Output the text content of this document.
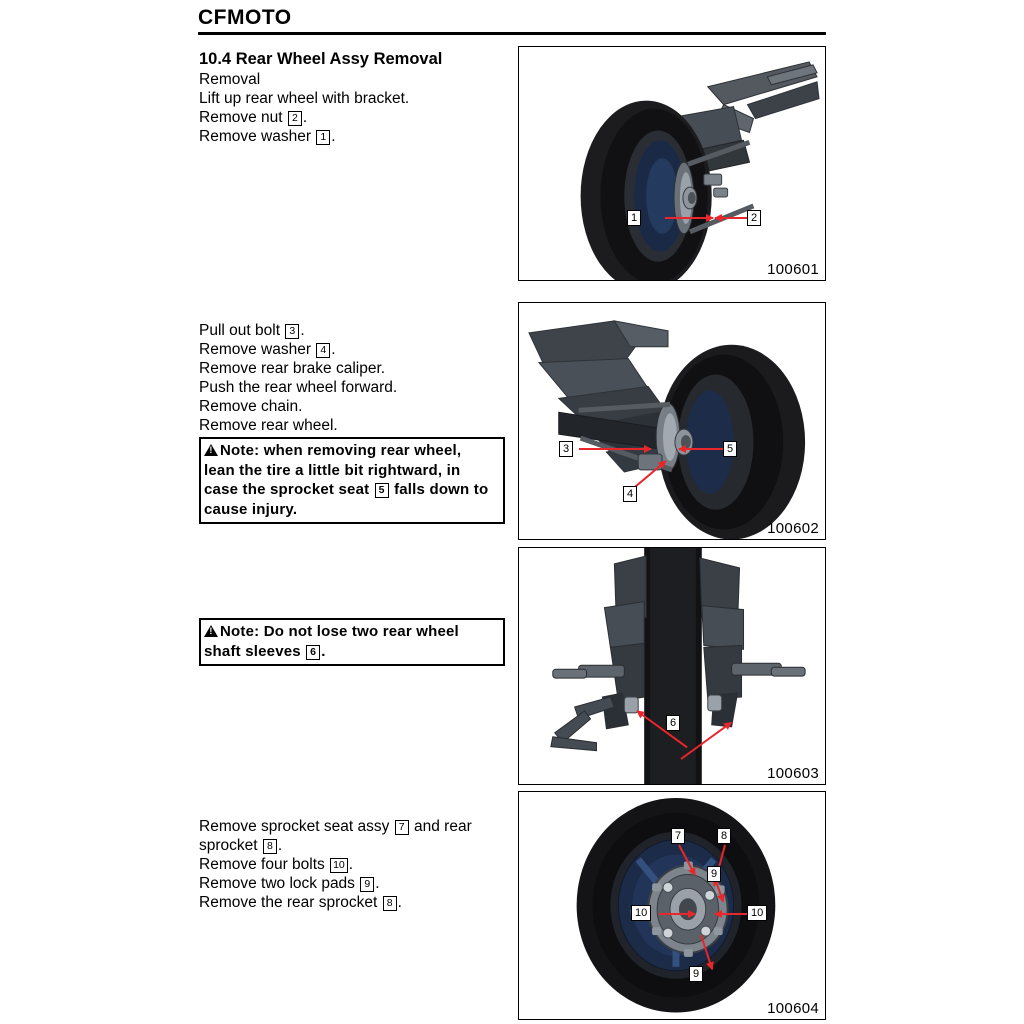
CFMOTO
10.4 Rear Wheel Assy Removal
Removal
Lift up rear wheel with bracket.
Remove nut 2 .
Remove washer 1 .
1	2
100601
Pull out bolt 3 .
Remove washer 4 .
Remove rear brake caliper.
Push the rear wheel forward.
Remove chain.
Remove rear wheel.
!Note: when removing rear wheel,
lean the tire a little bit rightward, in
case the sprocket seat 5 falls down to
cause injury.
3	5
4
100602
!Note: Do not lose two rear wheel
shaft sleeves 6 .
6
100603
Remove sprocket seat assy 7 and rear
sprocket 8 .
Remove four bolts 10 .
Remove two lock pads 9 .
Remove the rear sprocket 8 .
7	8
9
10	10
9
100604
